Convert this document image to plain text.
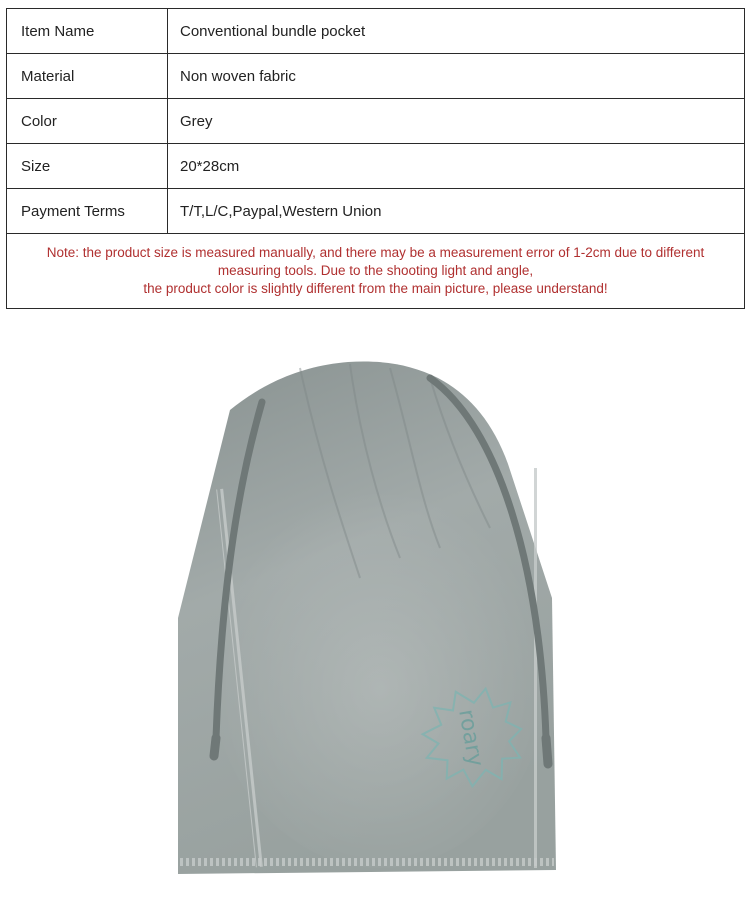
Item Name	Conventional bundle pocket
Material	Non woven fabric
Color	Grey
Size	20*28cm
Payment Terms	T/T,L/C,Paypal,Western Union

Note: the product size is measured manually, and there may be a measurement error of 1-2cm due to different
measuring tools. Due to the shooting light and angle,
the product color is slightly different from the main picture, please understand!	
roary
